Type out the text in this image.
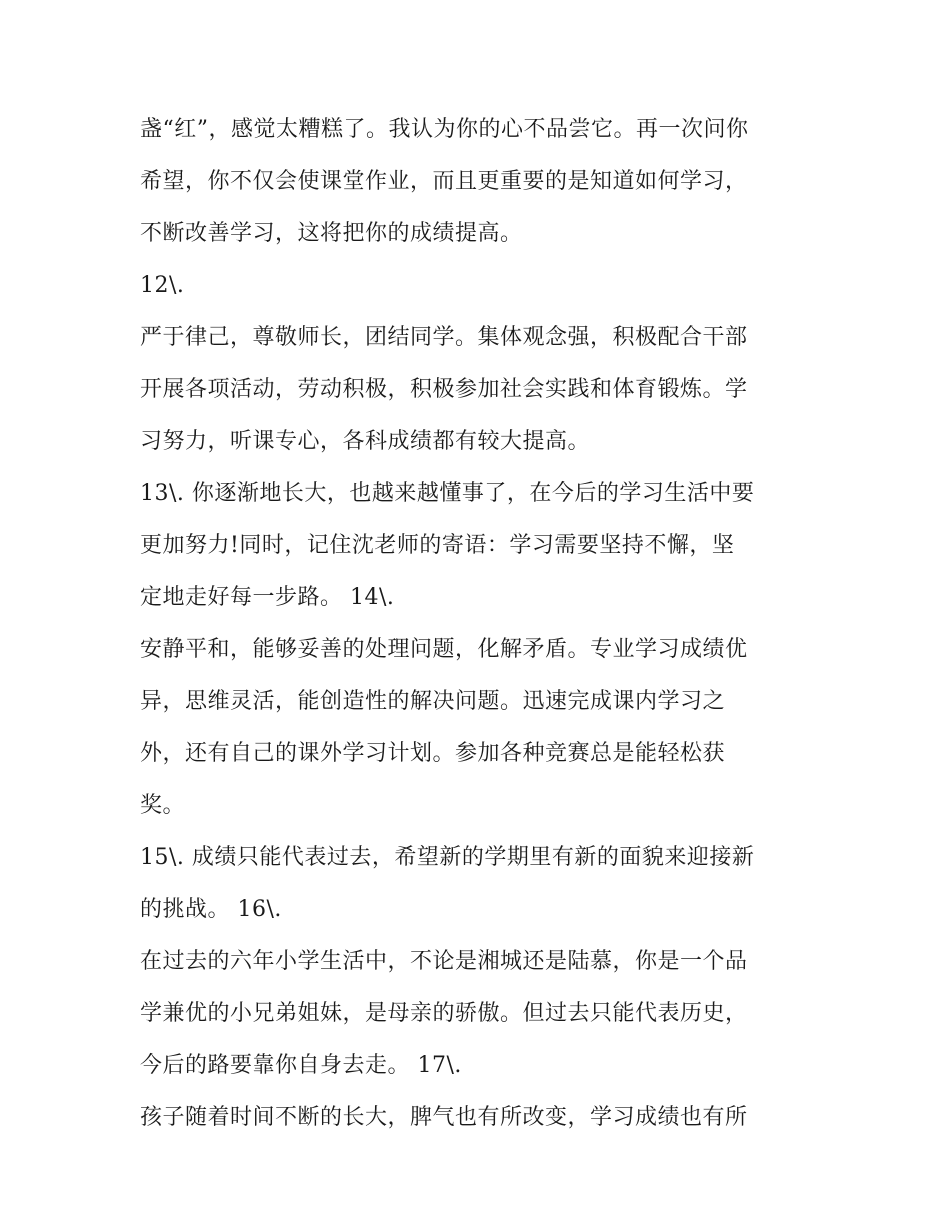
盏“红”，感觉太糟糕了。我认为你的心不品尝它。再一次问你
希望，你不仅会使课堂作业，而且更重要的是知道如何学习，
不断改善学习，这将把你的成绩提高。
12\.
严于律己，尊敬师长，团结同学。集体观念强，积极配合干部
开展各项活动，劳动积极，积极参加社会实践和体育锻炼。学
习努力，听课专心，各科成绩都有较大提高。
13\. 你逐渐地长大，也越来越懂事了，在今后的学习生活中要
更加努力!同时，记住沈老师的寄语：学习需要坚持不懈，坚
定地走好每一步路。 14\.
安静平和，能够妥善的处理问题，化解矛盾。专业学习成绩优
异，思维灵活，能创造性的解决问题。迅速完成课内学习之
外，还有自己的课外学习计划。参加各种竞赛总是能轻松获
奖。
15\. 成绩只能代表过去，希望新的学期里有新的面貌来迎接新
的挑战。 16\.
在过去的六年小学生活中，不论是湘城还是陆慕，你是一个品
学兼优的小兄弟姐妹，是母亲的骄傲。但过去只能代表历史，
今后的路要靠你自身去走。 17\.
孩子随着时间不断的长大，脾气也有所改变，学习成绩也有所
